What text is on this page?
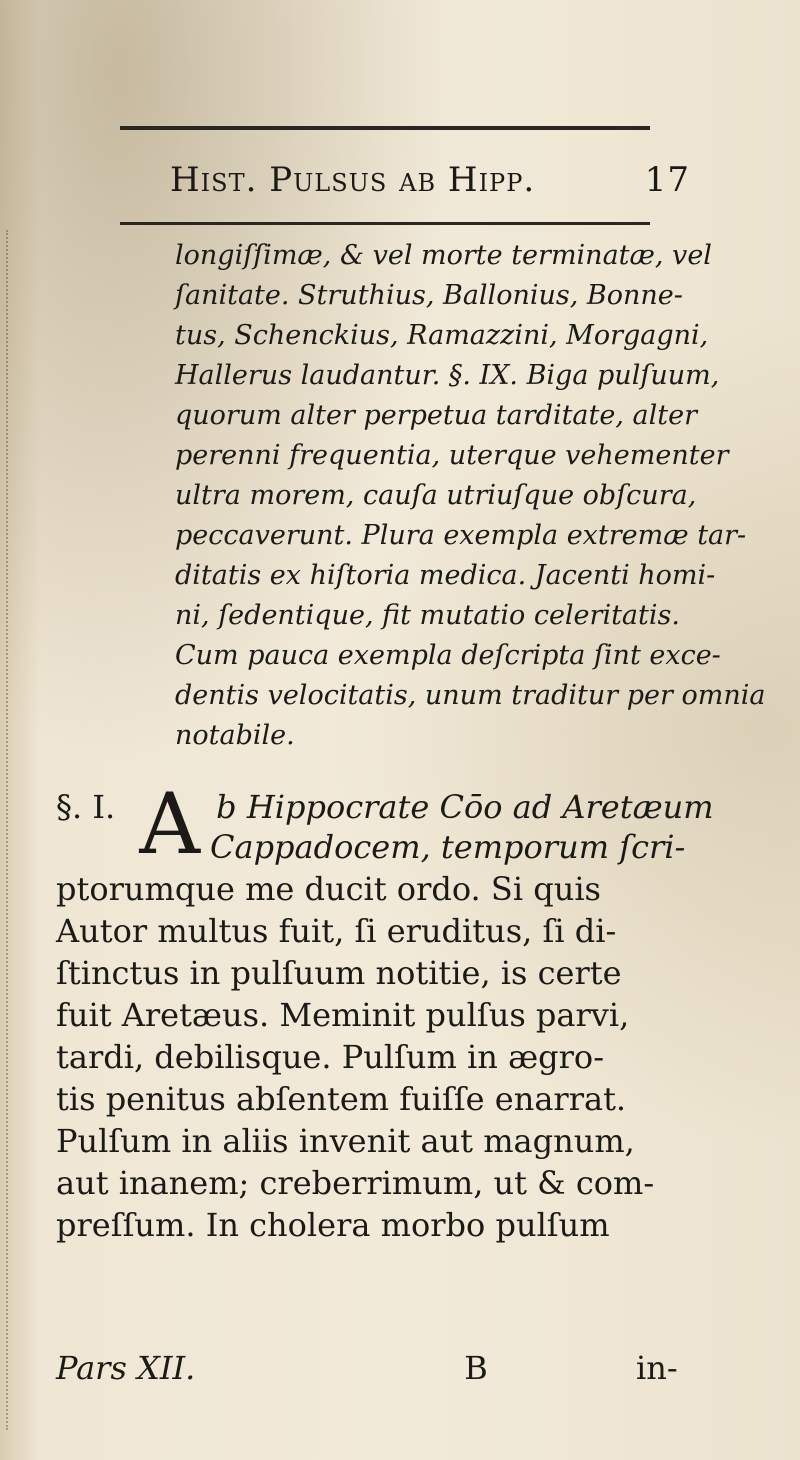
Hist. Pulsus ab Hipp.	17

longiſſimæ, & vel morte terminatæ, vel

ſanitate. Struthius, Ballonius, Bonne-

tus, Schenckius, Ramazzini, Morgagni,

Hallerus laudantur. §. IX. Biga pulſuum,

quorum alter perpetua tarditate, alter

perenni frequentia, uterque vehementer

ultra morem, cauſa utriuſque obſcura,

peccaverunt. Plura exempla extremæ tar-

ditatis ex hiſtoria medica. Jacenti homi-

ni, ſedentique, fit mutatio celeritatis.

Cum pauca exempla deſcripta ſint exce-

dentis velocitatis, unum traditur per omnia

notabile.

§. I. A b Hippocrate Cōo ad Aretæum

Cappadocem, temporum ſcri-

ptorumque me ducit ordo. Si quis

Autor multus fuit, ſi eruditus, ſi di-

ſtinctus in pulſuum notitie, is certe

fuit Aretæus. Meminit pulſus parvi,

tardi, debilisque. Pulſum in ægro-

tis penitus abſentem fuiſſe enarrat.

Pulſum in aliis invenit aut magnum,

aut inanem; creberrimum, ut & com-

preſſum. In cholera morbo pulſum

Pars XII.	B	in-
